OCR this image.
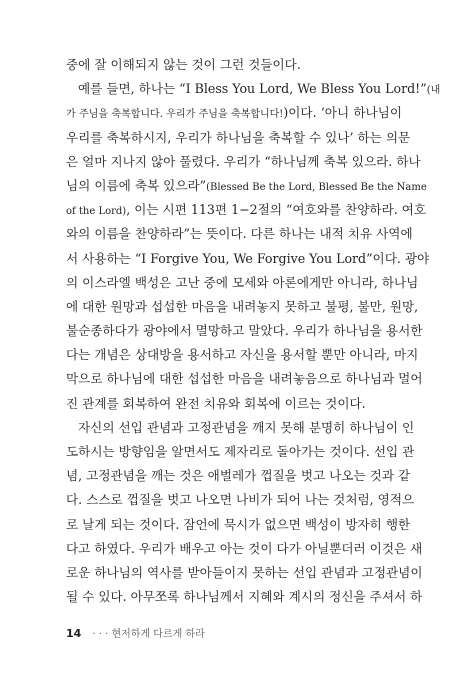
중에 잘 이해되지 않는 것이 그런 것들이다.
예를 들면, 하나는 “I Bless You Lord, We Bless You Lord!”(내
가 주님을 축복합니다. 우리가 주님을 축복합니다!)이다. ‘아니 하나님이
우리를 축복하시지, 우리가 하나님을 축복할 수 있나’ 하는 의문
은 얼마 지나지 않아 풀렸다. 우리가 “하나님께 축복 있으라. 하나
님의 이름에 축복 있으라”(Blessed Be the Lord, Blessed Be the Name
of the Lord), 이는 시편 113편 1−2절의 “여호와를 찬양하라. 여호
와의 이름을 찬양하라”는 뜻이다. 다른 하나는 내적 치유 사역에
서 사용하는 “I Forgive You, We Forgive You Lord”이다. 광야
의 이스라엘 백성은 고난 중에 모세와 아론에게만 아니라, 하나님
에 대한 원망과 섭섭한 마음을 내려놓지 못하고 불평, 불만, 원망,
불순종하다가 광야에서 멸망하고 말았다. 우리가 하나님을 용서한
다는 개념은 상대방을 용서하고 자신을 용서할 뿐만 아니라, 마지
막으로 하나님에 대한 섭섭한 마음을 내려놓음으로 하나님과 멀어
진 관계를 회복하여 완전 치유와 회복에 이르는 것이다.
자신의 선입 관념과 고정관념을 깨지 못해 분명히 하나님이 인
도하시는 방향임을 알면서도 제자리로 돌아가는 것이다. 선입 관
념, 고정관념을 깨는 것은 애벌레가 껍질을 벗고 나오는 것과 같
다. 스스로 껍질을 벗고 나오면 나비가 되어 나는 것처럼, 영적으
로 날게 되는 것이다. 잠언에 묵시가 없으면 백성이 방자히 행한
다고 하였다. 우리가 배우고 아는 것이 다가 아닐뿐더러 이것은 새
로운 하나님의 역사를 받아들이지 못하는 선입 관념과 고정관념이
될 수 있다. 아무쪼록 하나님께서 지혜와 계시의 정신을 주셔서 하
14 · · · 현저하게 다르게 하라
